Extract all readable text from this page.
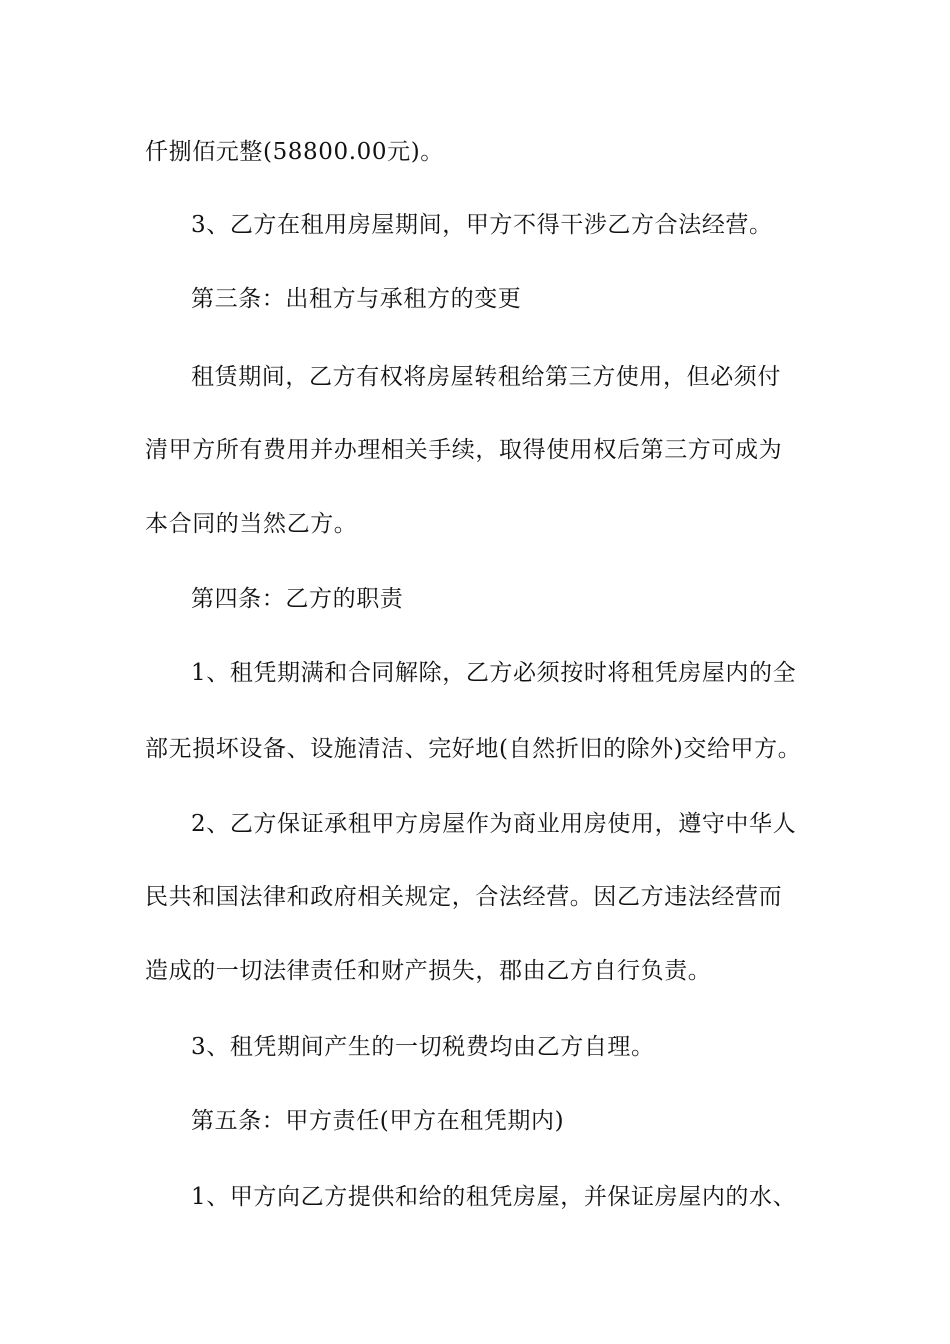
仟捌佰元整(58800.00元)。
3、乙方在租用房屋期间，甲方不得干涉乙方合法经营。
第三条：出租方与承租方的变更
租赁期间，乙方有权将房屋转租给第三方使用，但必须付
清甲方所有费用并办理相关手续，取得使用权后第三方可成为
本合同的当然乙方。
第四条：乙方的职责
1、租凭期满和合同解除，乙方必须按时将租凭房屋内的全
部无损坏设备、设施清洁、完好地(自然折旧的除外)交给甲方。
2、乙方保证承租甲方房屋作为商业用房使用，遵守中华人
民共和国法律和政府相关规定，合法经营。因乙方违法经营而
造成的一切法律责任和财产损失，郡由乙方自行负责。
3、租凭期间产生的一切税费均由乙方自理。
第五条：甲方责任(甲方在租凭期内)
1、甲方向乙方提供和给的租凭房屋，并保证房屋内的水、
